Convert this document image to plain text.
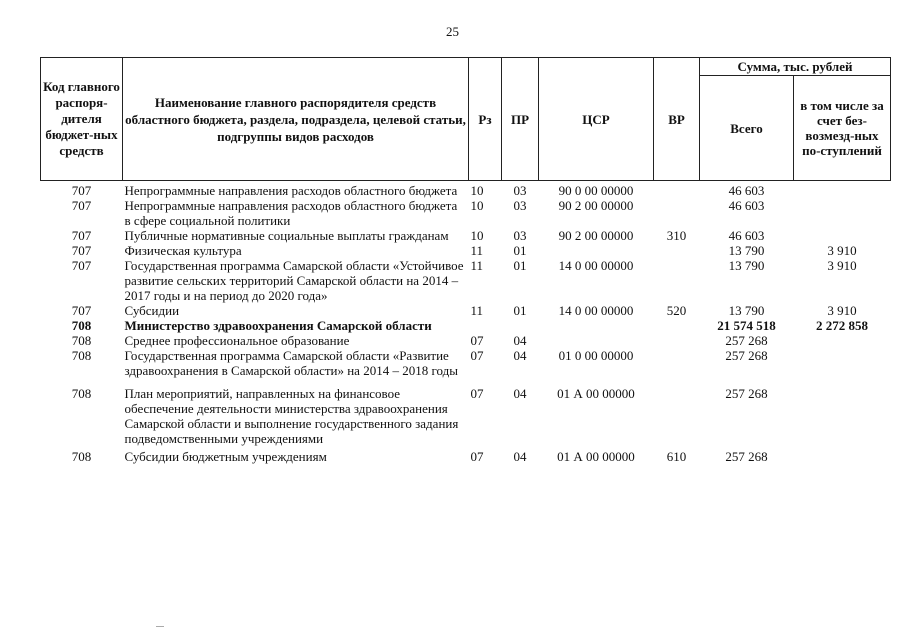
25
Код главного распоря-дителя бюджет-ных средств	Наименование главного распорядителя средств областного бюджета, раздела, подраздела, целевой статьи, подгруппы видов расходов	Рз	ПР	ЦСР	ВР	Сумма, тыс. рублей	
						Всего	в том числе за счет без-возмезд-ных по-ступлений
707	Непрограммные направления расходов областного бюджета	10	03	90 0 00 00000		46 603	
707	Непрограммные направления расходов областного бюджета в сфере социальной политики	10	03	90 2 00 00000		46 603	
707	Публичные нормативные социальные выплаты гражданам	10	03	90 2 00 00000	310	46 603	
707	Физическая культура	11	01			13 790	3 910
707	Государственная программа Самарской области «Устойчивое развитие сельских территорий Самарской области на 2014 – 2017 годы и на период до 2020 года»	11	01	14 0 00 00000		13 790	3 910
707	Субсидии	11	01	14 0 00 00000	520	13 790	3 910
708	Министерство здравоохранения Самарской области					21 574 518	2 272 858
708	Среднее профессиональное образование	07	04			257 268	
708	Государственная программа Самарской области «Развитие здравоохранения в Самарской области» на 2014 – 2018 годы	07	04	01 0 00 00000		257 268	
708	План мероприятий, направленных на финансовое обеспечение деятельности министерства здравоохранения Самарской области и выполнение государственного задания подведомственными учреждениями	07	04	01 А 00 00000		257 268	
708	Субсидии бюджетным учреждениям	07	04	01 А 00 00000	610	257 268	
